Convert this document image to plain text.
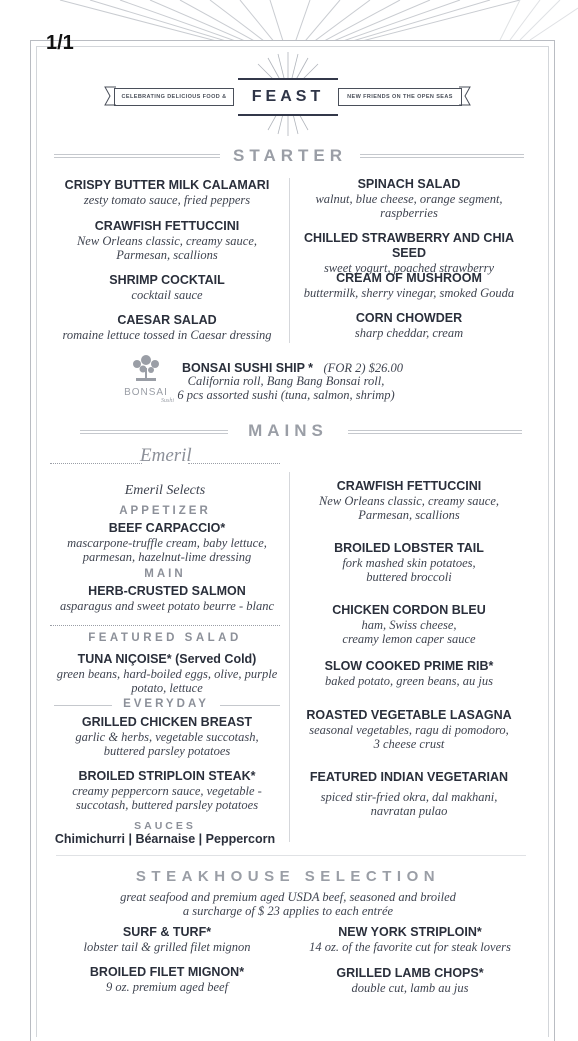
1/1
CELEBRATING DELICIOUS FOOD &	NEW FRIENDS ON THE OPEN SEAS
FEAST
STARTER
CRISPY BUTTER MILK CALAMARI
zesty tomato sauce, fried peppers
CRAWFISH FETTUCCINI
New Orleans classic, creamy sauce,
Parmesan, scallions
SHRIMP COCKTAIL
cocktail sauce
CAESAR SALAD
romaine lettuce tossed in Caesar dressing
SPINACH SALAD
walnut, blue cheese, orange segment,
raspberries
CHILLED STRAWBERRY AND CHIA SEED
sweet yogurt, poached strawberry
CREAM OF MUSHROOM
buttermilk, sherry vinegar, smoked Gouda
CORN CHOWDER
sharp cheddar, cream
BONSAI
Sushi
BONSAI SUSHI SHIP * (FOR 2) $26.00
California roll, Bang Bang Bonsai roll,
6 pcs assorted sushi (tuna, salmon, shrimp)
MAINS
Emeril
Emeril Selects
APPETIZER
BEEF CARPACCIO*
mascarpone-truffle cream, baby lettuce,
parmesan, hazelnut-lime dressing
MAIN
HERB-CRUSTED SALMON
asparagus and sweet potato beurre - blanc
FEATURED SALAD
TUNA NIÇOISE* (Served Cold)
green beans, hard-boiled eggs, olive, purple
potato, lettuce
EVERYDAY
GRILLED CHICKEN BREAST
garlic & herbs, vegetable succotash,
buttered parsley potatoes
BROILED STRIPLOIN STEAK*
creamy peppercorn sauce, vegetable -
succotash, buttered parsley potatoes
SAUCES
Chimichurri | Béarnaise | Peppercorn
CRAWFISH FETTUCCINI
New Orleans classic, creamy sauce,
Parmesan, scallions
BROILED LOBSTER TAIL
fork mashed skin potatoes,
buttered broccoli
CHICKEN CORDON BLEU
ham, Swiss cheese,
creamy lemon caper sauce
SLOW COOKED PRIME RIB*
baked potato, green beans, au jus
ROASTED VEGETABLE LASAGNA
seasonal vegetables, ragu di pomodoro,
3 cheese crust
FEATURED INDIAN VEGETARIAN
spiced stir-fried okra, dal makhani,
navratan pulao
STEAKHOUSE SELECTION
great seafood and premium aged USDA beef, seasoned and broiled
a surcharge of $ 23 applies to each entrée
SURF & TURF*
lobster tail & grilled filet mignon
NEW YORK STRIPLOIN*
14 oz. of the favorite cut for steak lovers
BROILED FILET MIGNON*
9 oz. premium aged beef
GRILLED LAMB CHOPS*
double cut, lamb au jus
